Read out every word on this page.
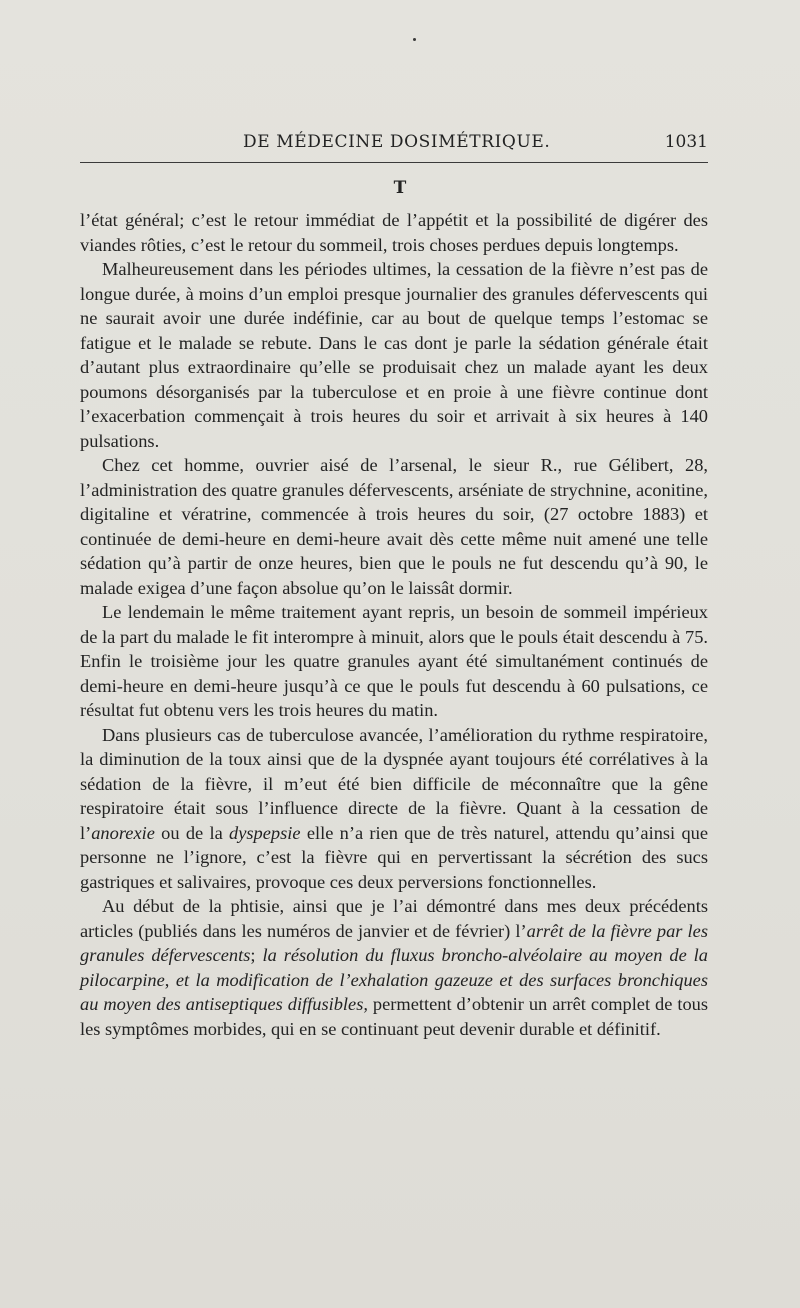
DE MÉDECINE DOSIMÉTRIQUE.	1031
T

l’état général; c’est le retour immédiat de l’appétit et la possibilité de digérer des viandes rôties, c’est le retour du sommeil, trois choses perdues depuis longtemps.

Malheureusement dans les périodes ultimes, la cessation de la fièvre n’est pas de longue durée, à moins d’un emploi presque journalier des granules défervescents qui ne saurait avoir une durée indéfinie, car au bout de quelque temps l’estomac se fatigue et le malade se rebute. Dans le cas dont je parle la sédation générale était d’autant plus extraordinaire qu’elle se produisait chez un malade ayant les deux poumons désorganisés par la tuberculose et en proie à une fièvre continue dont l’exacerbation commençait à trois heures du soir et arrivait à six heures à 140 pulsations.

Chez cet homme, ouvrier aisé de l’arsenal, le sieur R., rue Gélibert, 28, l’administration des quatre granules défervescents, arséniate de strychnine, aconitine, digitaline et vératrine, commencée à trois heures du soir, (27 octobre 1883) et continuée de demi-heure en demi-heure avait dès cette même nuit amené une telle sédation qu’à partir de onze heures, bien que le pouls ne fut descendu qu’à 90, le malade exigea d’une façon absolue qu’on le laissât dormir.

Le lendemain le même traitement ayant repris, un besoin de sommeil impérieux de la part du malade le fit interompre à minuit, alors que le pouls était descendu à 75. Enfin le troisième jour les quatre granules ayant été simultanément continués de demi-heure en demi-heure jusqu’à ce que le pouls fut descendu à 60 pulsations, ce résultat fut obtenu vers les trois heures du matin.

Dans plusieurs cas de tuberculose avancée, l’amélioration du rythme respiratoire, la diminution de la toux ainsi que de la dyspnée ayant toujours été corrélatives à la sédation de la fièvre, il m’eut été bien difficile de méconnaître que la gêne respiratoire était sous l’influence directe de la fièvre. Quant à la cessation de l’anorexie ou de la dyspepsie elle n’a rien que de très naturel, attendu qu’ainsi que personne ne l’ignore, c’est la fièvre qui en pervertissant la sécrétion des sucs gastriques et salivaires, provoque ces deux perversions fonctionnelles.

Au début de la phtisie, ainsi que je l’ai démontré dans mes deux précédents articles (publiés dans les numéros de janvier et de février) l’arrêt de la fièvre par les granules défervescents; la résolution du fluxus broncho-alvéolaire au moyen de la pilocarpine, et la modification de l’exhalation gazeuze et des surfaces bronchiques au moyen des antiseptiques diffusibles, permettent d’obtenir un arrêt complet de tous les symptômes morbides, qui en se continuant peut devenir durable et définitif.
